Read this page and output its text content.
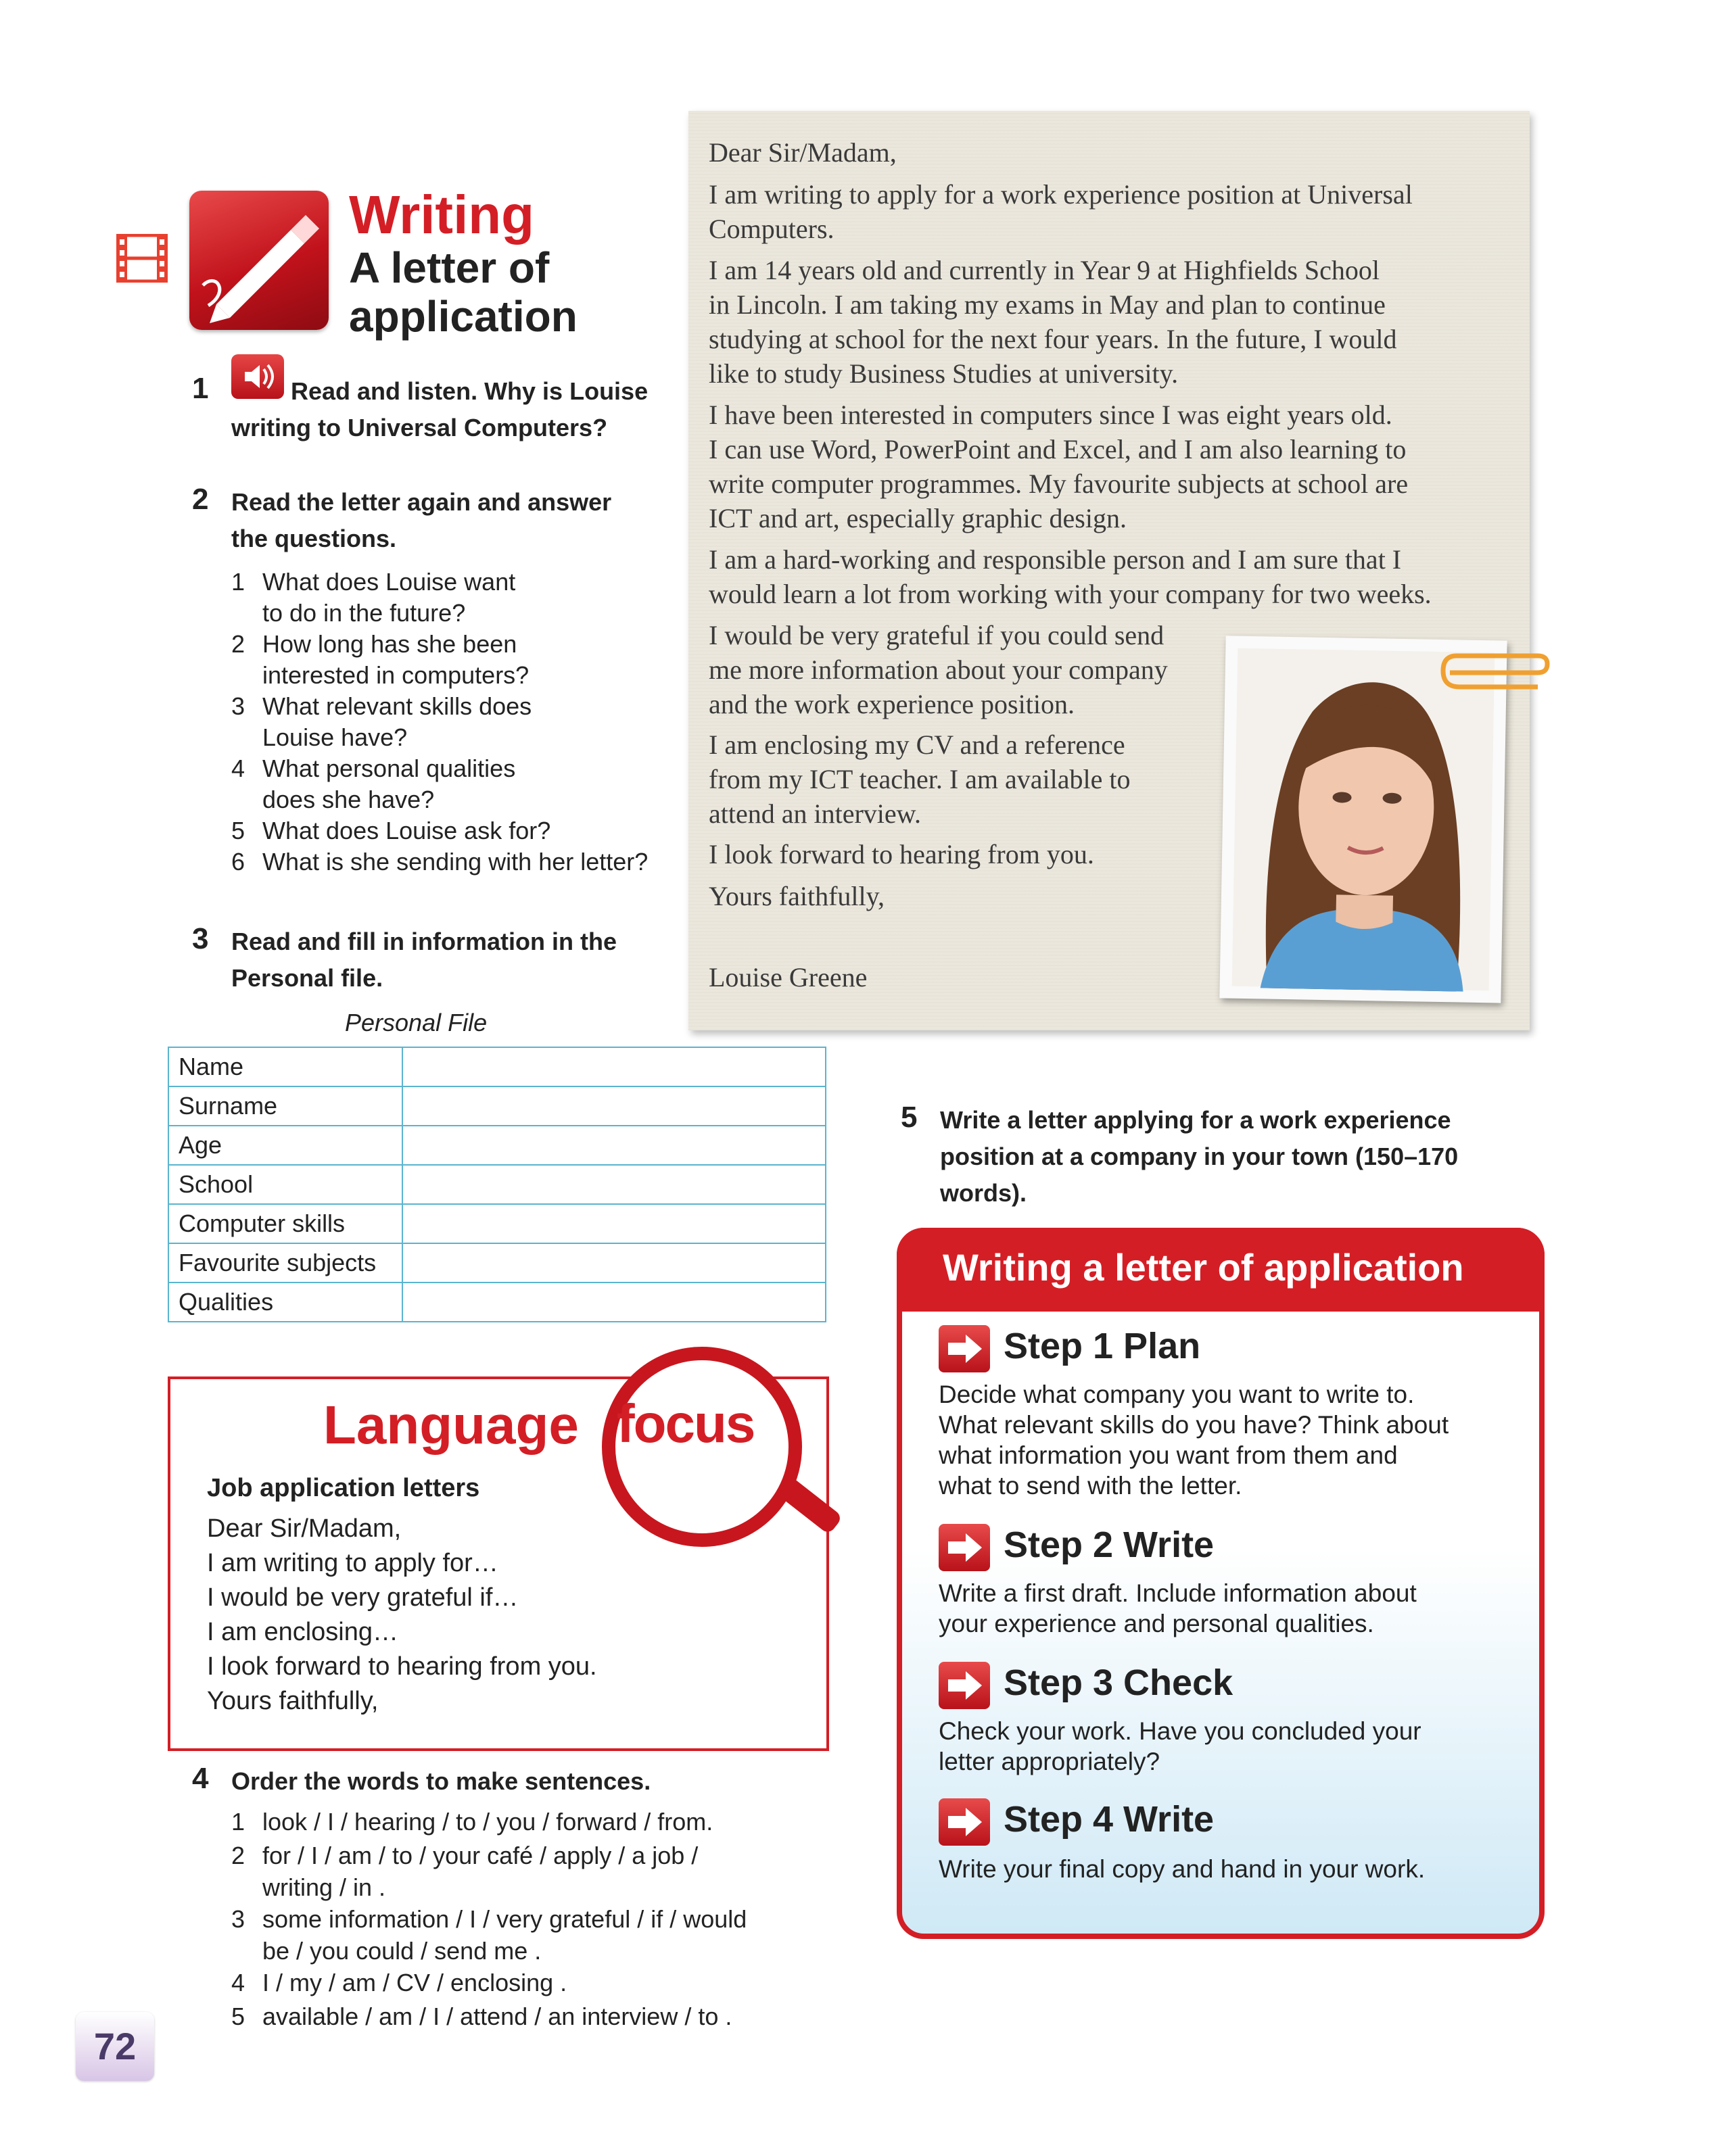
Writing
A letter of application
1	Read and listen. Why is Louise
writing to Universal Computers?
2 Read the letter again and answer
the questions.
1 What does Louise want
to do in the future?
2 How long has she been
interested in computers?
3 What relevant skills does
Louise have?
4 What personal qualities
does she have?
5 What does Louise ask for?
6 What is she sending with her letter?
3 Read and fill in information in the
Personal file.
Personal File
Name	
Surname	
Age	
School	
Computer skills	
Favourite subjects	
Qualities	
Dear Sir/Madam,
I am writing to apply for a work experience position at Universal
Computers.
I am 14 years old and currently in Year 9 at Highfields School
in Lincoln. I am taking my exams in May and plan to continue
studying at school for the next four years. In the future, I would
like to study Business Studies at university.
I have been interested in computers since I was eight years old.
I can use Word, PowerPoint and Excel, and I am also learning to
write computer programmes. My favourite subjects at school are
ICT and art, especially graphic design.
I am a hard-working and responsible person and I am sure that I
would learn a lot from working with your company for two weeks.
I would be very grateful if you could send
me more information about your company
and the work experience position.
I am enclosing my CV and a reference
from my ICT teacher. I am available to
attend an interview.
I look forward to hearing from you.
Yours faithfully,
Louise Greene
Language focus
Job application letters
Dear Sir/Madam,
I am writing to apply for…
I would be very grateful if…
I am enclosing…
I look forward to hearing from you.
Yours faithfully,
4 Order the words to make sentences.
1 look / I / hearing / to / you / forward / from.
2 for / I / am / to / your café / apply / a job /
writing / in .
3 some information / I / very grateful / if / would
be / you could / send me .
4 I / my / am / CV / enclosing .
5 available / am / I / attend / an interview / to .
5 Write a letter applying for a work experience
position at a company in your town (150–170
words).
Writing a letter of application
Step 1 Plan
Decide what company you want to write to.
What relevant skills do you have? Think about
what information you want from them and
what to send with the letter.
Step 2 Write
Write a first draft. Include information about
your experience and personal qualities.
Step 3 Check
Check your work. Have you concluded your
letter appropriately?
Step 4 Write
Write your final copy and hand in your work.
72
